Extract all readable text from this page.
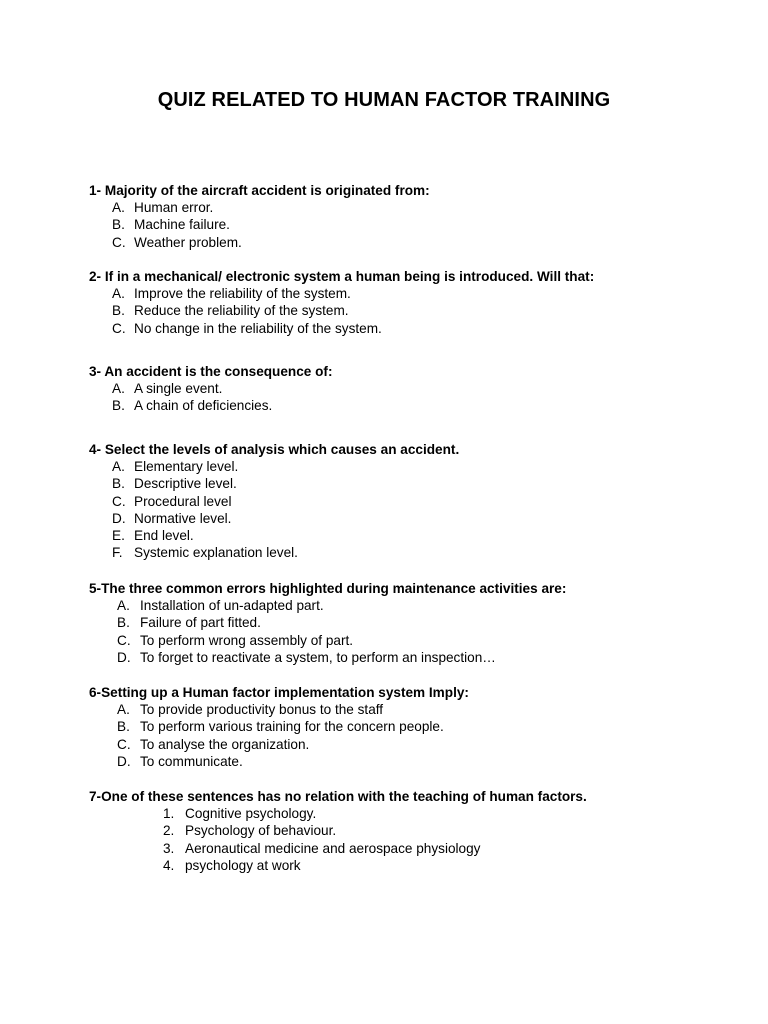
QUIZ RELATED TO HUMAN FACTOR TRAINING

1- Majority of the aircraft accident is originated from:

A. Human error.
B. Machine failure.
C. Weather problem.

2- If in a mechanical/ electronic system a human being is introduced. Will that:

A. Improve the reliability of the system.
B. Reduce the reliability of the system.
C. No change in the reliability of the system.

3- An accident is the consequence of:

A. A single event.
B. A chain of deficiencies.

4- Select the levels of analysis which causes an accident.

A. Elementary level.
B. Descriptive level.
C. Procedural level
D. Normative level.
E. End level.
F. Systemic explanation level.

5-The three common errors highlighted during maintenance activities are:

A. Installation of un-adapted part.
B. Failure of part fitted.
C. To perform wrong assembly of part.
D. To forget to reactivate a system, to perform an inspection…

6-Setting up a Human factor implementation system Imply:

A. To provide productivity bonus to the staff
B. To perform various training for the concern people.
C. To analyse the organization.
D. To communicate.

7-One of these sentences has no relation with the teaching of human factors.

1. Cognitive psychology.
2. Psychology of behaviour.
3. Aeronautical medicine and aerospace physiology
4. psychology at work
